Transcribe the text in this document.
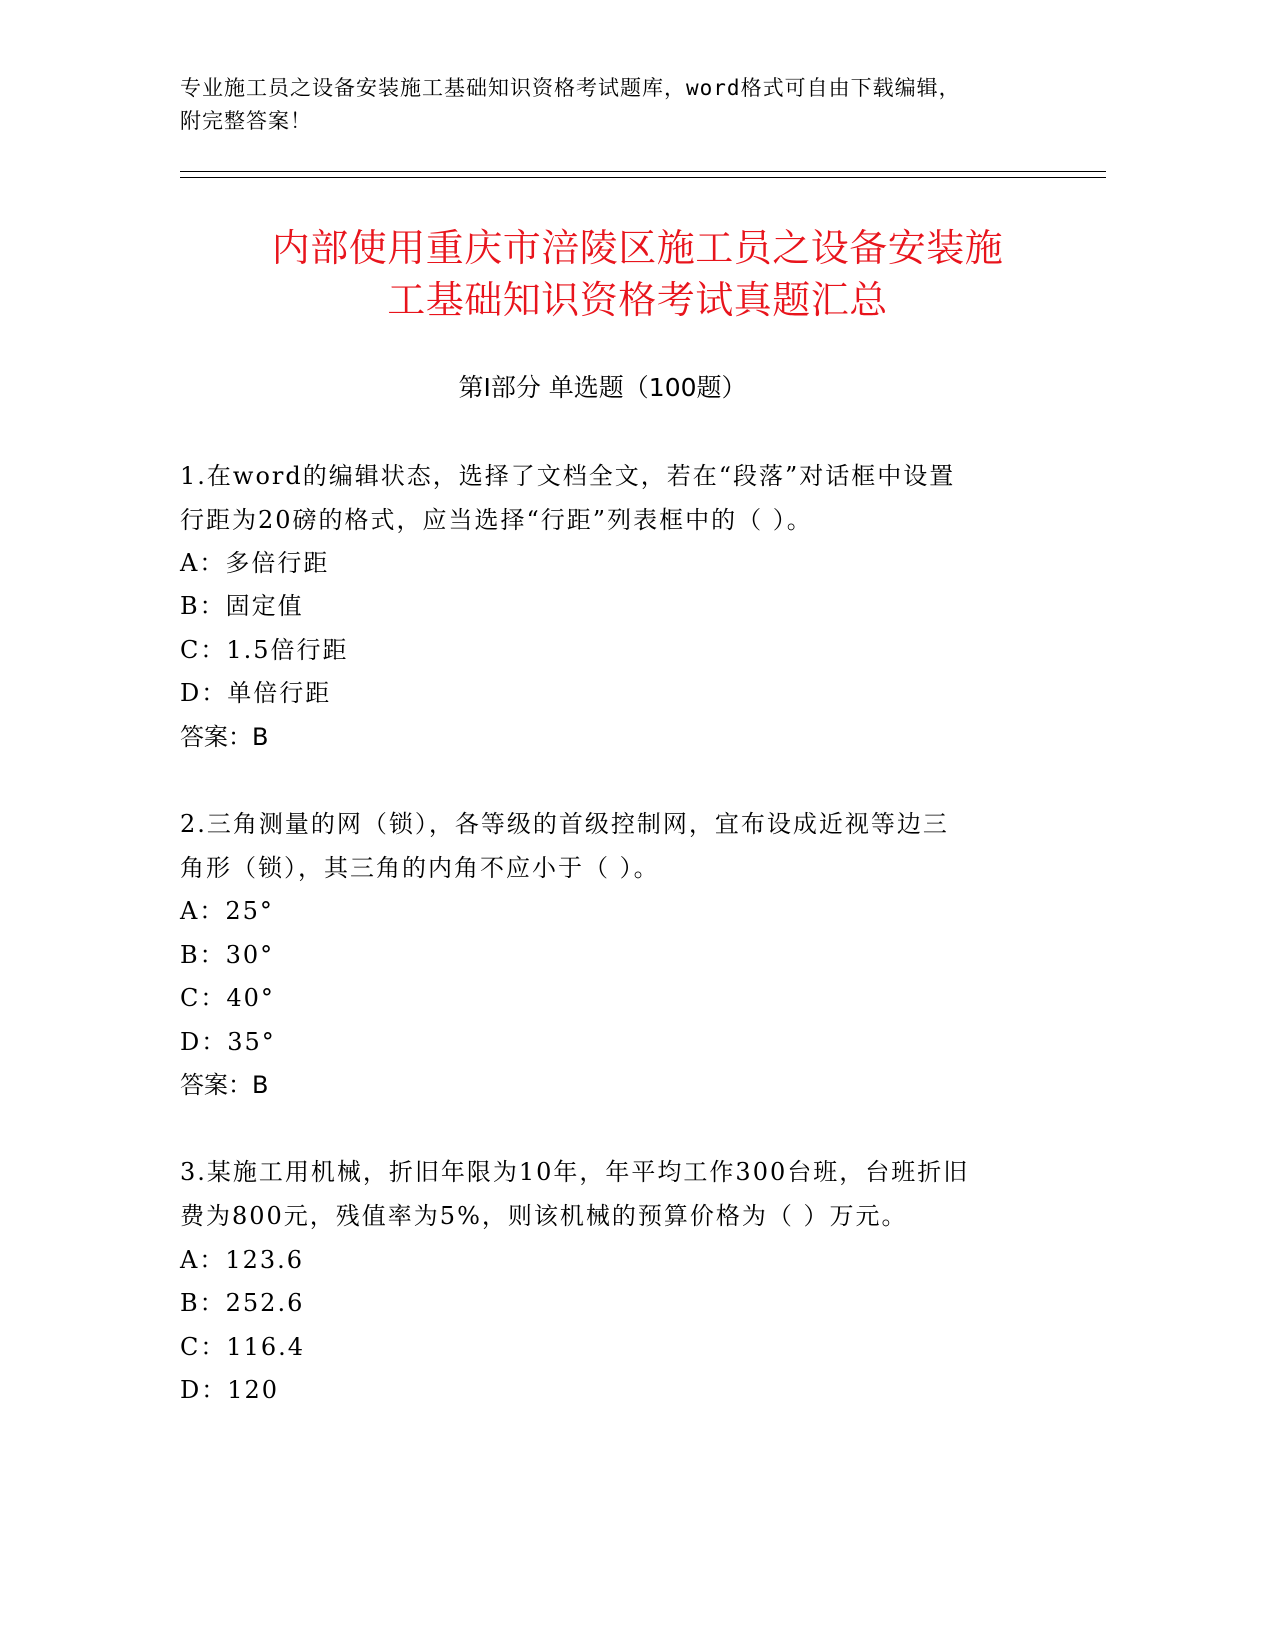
专业施工员之设备安装施工基础知识资格考试题库，word格式可自由下载编辑，
附完整答案！
内部使用重庆市涪陵区施工员之设备安装施
工基础知识资格考试真题汇总
第Ⅰ部分 单选题（100题）
1.在word的编辑状态，选择了文档全文，若在“段落”对话框中设置
行距为20磅的格式，应当选择“行距”列表框中的（ ）。
A：多倍行距
B：固定值
C：1.5倍行距
D：单倍行距
答案：B
2.三角测量的网（锁），各等级的首级控制网，宜布设成近视等边三
角形（锁），其三角的内角不应小于（ ）。
A：25°
B：30°
C：40°
D：35°
答案：B
3.某施工用机械，折旧年限为10年，年平均工作300台班，台班折旧
费为800元，残值率为5%，则该机械的预算价格为（ ）万元。
A：123.6
B：252.6
C：116.4
D：120
